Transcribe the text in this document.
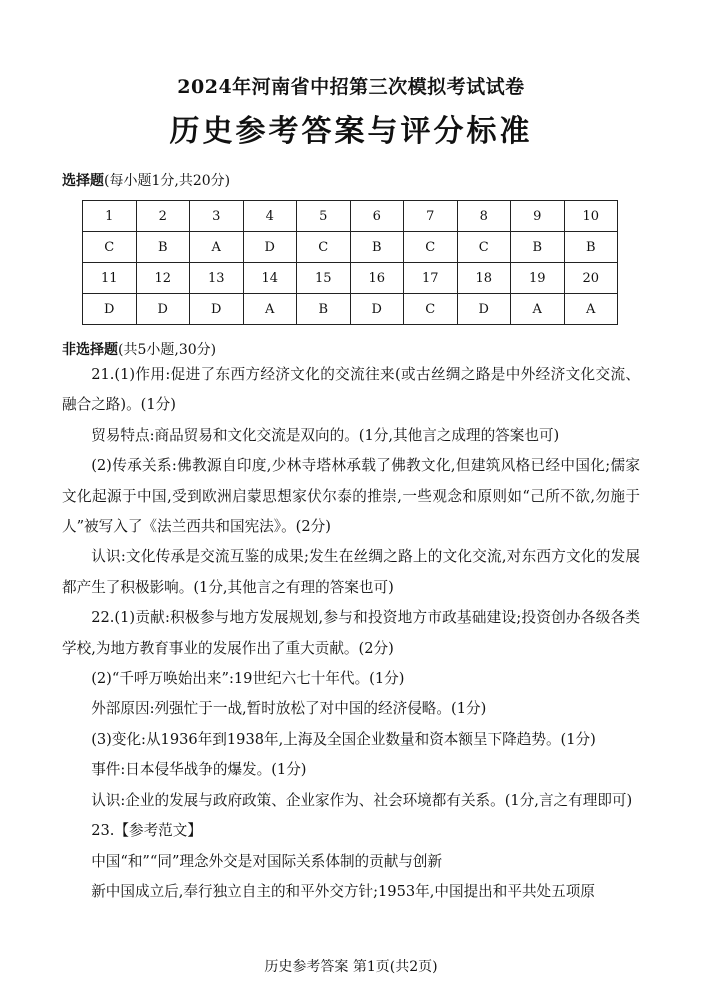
2024年河南省中招第三次模拟考试试卷
历史参考答案与评分标准
选择题(每小题1分,共20分)
1	2	3	4	5	6	7	8	9	10
C	B	A	D	C	B	C	C	B	B
11	12	13	14	15	16	17	18	19	20
D	D	D	A	B	D	C	D	A	A
非选择题(共5小题,30分)

21.(1)作用:促进了东西方经济文化的交流往来(或古丝绸之路是中外经济文化交流、融合之路)。(1分)

贸易特点:商品贸易和文化交流是双向的。(1分,其他言之成理的答案也可)

(2)传承关系:佛教源自印度,少林寺塔林承载了佛教文化,但建筑风格已经中国化;儒家文化起源于中国,受到欧洲启蒙思想家伏尔泰的推崇,一些观念和原则如“己所不欲,勿施于人”被写入了《法兰西共和国宪法》。(2分)

认识:文化传承是交流互鉴的成果;发生在丝绸之路上的文化交流,对东西方文化的发展都产生了积极影响。(1分,其他言之有理的答案也可)

22.(1)贡献:积极参与地方发展规划,参与和投资地方市政基础建设;投资创办各级各类学校,为地方教育事业的发展作出了重大贡献。(2分)

(2)“千呼万唤始出来”:19世纪六七十年代。(1分)

外部原因:列强忙于一战,暂时放松了对中国的经济侵略。(1分)

(3)变化:从1936年到1938年,上海及全国企业数量和资本额呈下降趋势。(1分)

事件:日本侵华战争的爆发。(1分)

认识:企业的发展与政府政策、企业家作为、社会环境都有关系。(1分,言之有理即可)

23.【参考范文】

中国“和”“同”理念外交是对国际关系体制的贡献与创新

新中国成立后,奉行独立自主的和平外交方针;1953年,中国提出和平共处五项原

历史参考答案 第1页(共2页)
